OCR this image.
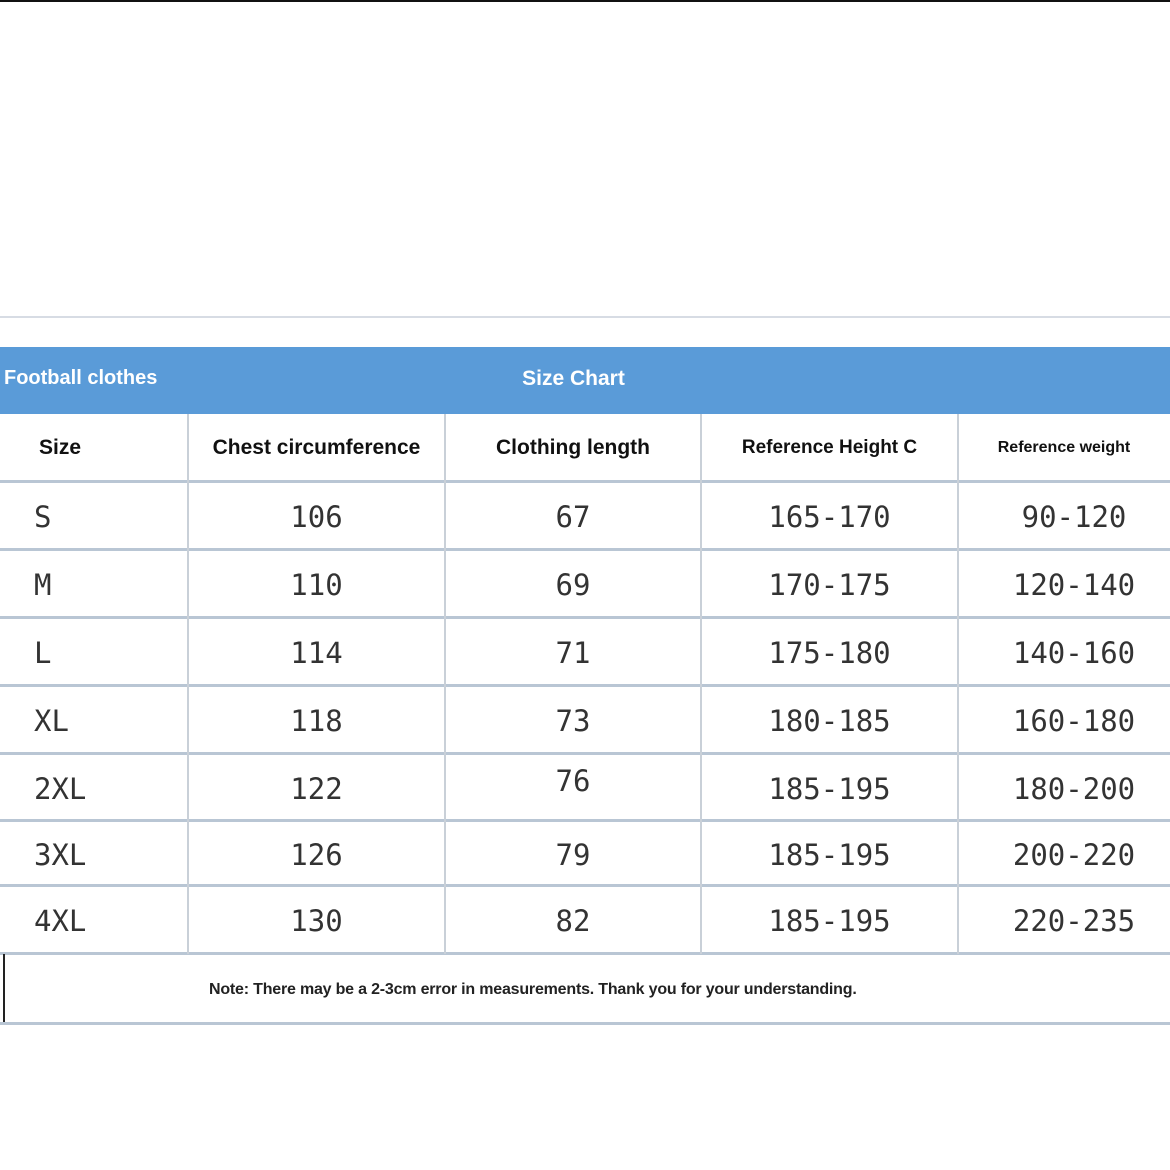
Football clothes	Size Chart
Size	Chest circumference	Clothing length	Reference Height C	Reference weight
S	106	67	165-170	90-120
M	110	69	170-175	120-140
L	114	71	175-180	140-160
XL	118	73	180-185	160-180
2XL	122	76	185-195	180-200
3XL	126	79	185-195	200-220
4XL	130	82	185-195	220-235
Note: There may be a 2-3cm error in measurements. Thank you for your understanding.
